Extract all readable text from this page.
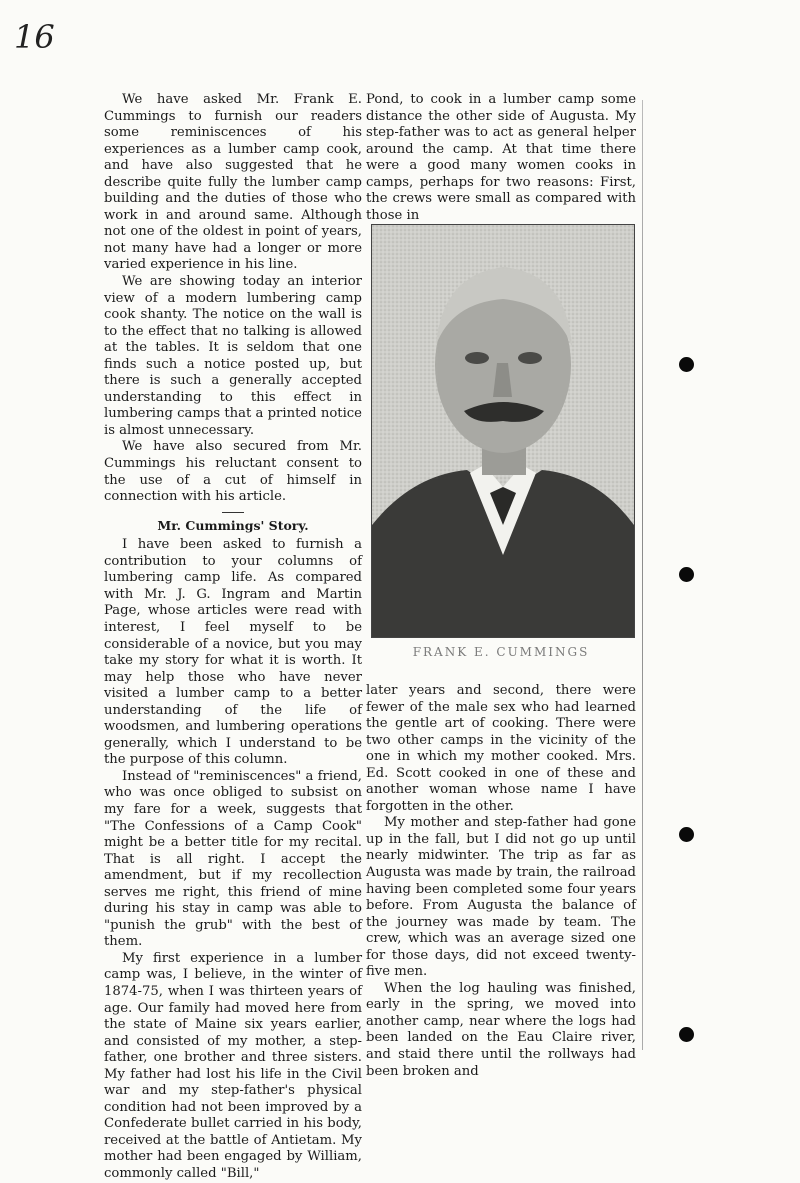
16

We have asked Mr. Frank E. Cummings to furnish our readers some reminiscences of his experiences as a lumber camp cook, and have also suggested that he describe quite fully the lumber camp building and the duties of those who work in and around same. Although not one of the oldest in point of years, not many have had a longer or more varied experience in his line.

We are showing today an interior view of a modern lumbering camp cook shanty. The notice on the wall is to the effect that no talking is allowed at the tables. It is seldom that one finds such a notice posted up, but there is such a generally accepted understanding to this effect in lumbering camps that a printed notice is almost unnecessary.

We have also secured from Mr. Cummings his reluctant consent to the use of a cut of himself in connection with his article.

Mr. Cummings' Story.

I have been asked to furnish a contribution to your columns of lumbering camp life. As compared with Mr. J. G. Ingram and Martin Page, whose articles were read with interest, I feel myself to be considerable of a novice, but you may take my story for what it is worth. It may help those who have never visited a lumber camp to a better understanding of the life of woodsmen, and lumbering operations generally, which I understand to be the purpose of this column.

Instead of "reminiscences" a friend, who was once obliged to subsist on my fare for a week, suggests that "The Confessions of a Camp Cook" might be a better title for my recital. That is all right. I accept the amendment, but if my recollection serves me right, this friend of mine during his stay in camp was able to "punish the grub" with the best of them.

My first experience in a lumber camp was, I believe, in the winter of 1874-75, when I was thirteen years of age. Our family had moved here from the state of Maine six years earlier, and consisted of my mother, a step-father, one brother and three sisters. My father had lost his life in the Civil war and my step-father's physical condition had not been improved by a Confederate bullet carried in his body, received at the battle of Antietam. My mother had been engaged by William, commonly called "Bill,"

Pond, to cook in a lumber camp some distance the other side of Augusta. My step-father was to act as general helper around the camp. At that time there were a good many women cooks in camps, perhaps for two reasons: First, the crews were small as compared with those in

FRANK E. CUMMINGS

later years and second, there were fewer of the male sex who had learned the gentle art of cooking. There were two other camps in the vicinity of the one in which my mother cooked. Mrs. Ed. Scott cooked in one of these and another woman whose name I have forgotten in the other.

My mother and step-father had gone up in the fall, but I did not go up until nearly midwinter. The trip as far as Augusta was made by train, the railroad having been completed some four years before. From Augusta the balance of the journey was made by team. The crew, which was an average sized one for those days, did not exceed twenty-five men.

When the log hauling was finished, early in the spring, we moved into another camp, near where the logs had been landed on the Eau Claire river, and staid there until the rollways had been broken and
